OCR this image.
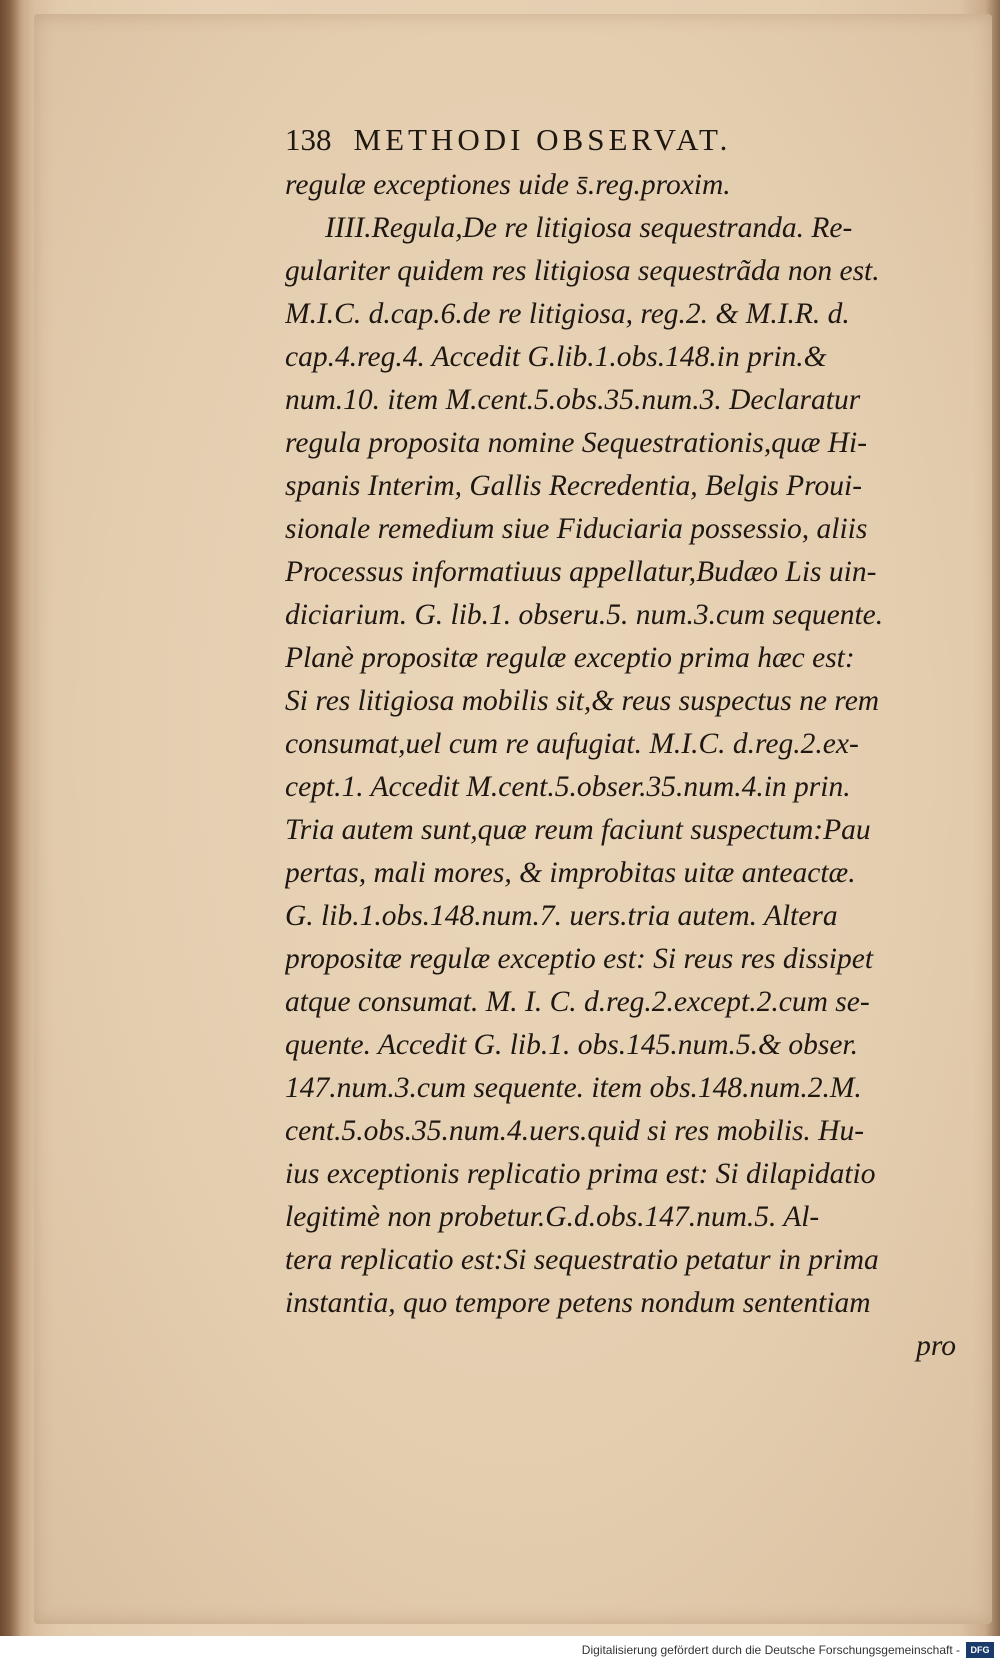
138 METHODI OBSERVAT.
regulæ exceptiones uide s̄.reg.proxim.
IIII.Regula,De re litigiosa sequestranda. Re-
gulariter quidem res litigiosa sequestrãda non est.
M.I.C. d.cap.6.de re litigiosa, reg.2. & M.I.R. d.
cap.4.reg.4. Accedit G.lib.1.obs.148.in prin.&
num.10. item M.cent.5.obs.35.num.3. Declaratur
regula proposita nomine Sequestrationis,quæ Hi-
spanis Interim, Gallis Recredentia, Belgis Proui-
sionale remedium siue Fiduciaria possessio, aliis
Processus informatiuus appellatur,Budæo Lis uin-
diciarium. G. lib.1. obseru.5. num.3.cum sequente.
Planè propositæ regulæ exceptio prima hæc est:
Si res litigiosa mobilis sit,& reus suspectus ne rem
consumat,uel cum re aufugiat. M.I.C. d.reg.2.ex-
cept.1. Accedit M.cent.5.obser.35.num.4.in prin.
Tria autem sunt,quæ reum faciunt suspectum:Pau
pertas, mali mores, & improbitas uitæ anteactæ.
G. lib.1.obs.148.num.7. uers.tria autem. Altera
propositæ regulæ exceptio est: Si reus res dissipet
atque consumat. M. I. C. d.reg.2.except.2.cum se-
quente. Accedit G. lib.1. obs.145.num.5.& obser.
147.num.3.cum sequente. item obs.148.num.2.M.
cent.5.obs.35.num.4.uers.quid si res mobilis. Hu-
ius exceptionis replicatio prima est: Si dilapidatio
legitimè non probetur.G.d.obs.147.num.5. Al-
tera replicatio est:Si sequestratio petatur in prima
instantia, quo tempore petens nondum sententiam
pro
Digitalisierung gefördert durch die Deutsche Forschungsgemeinschaft -	DFG
